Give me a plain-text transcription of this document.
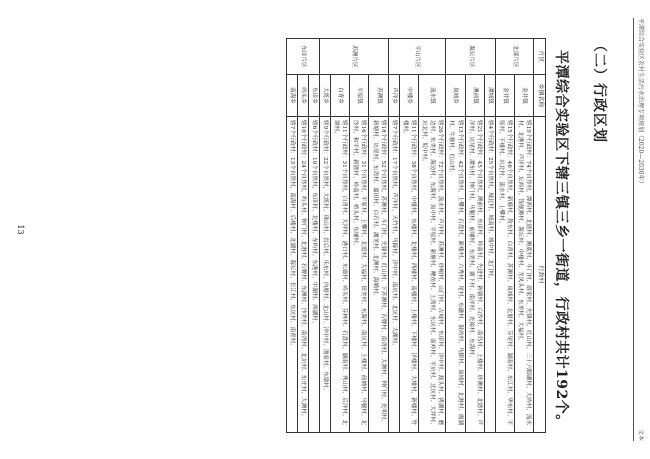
平潭综合实验区农村生活污水治理专项规划（2020—2030年）
文本
（二）行政区划
平潭综合实验区下辖三镇三乡一街道，行政村共计192个。
片区	乡镇名称	行政村
北部片区	金井镇	辖19个行政村：74个自然村，潭西村、北厝村、澳底村、斗门村、薛家村、先锋村、红山村、三十六脚湖村、大屿村、流水村、北港村、芦洋村、坛西村、钱便澳村、海坛村、中楼村、龙凤头村、东美村、大福村。
	金井镇	辖15个行政村：46个自然村，新塘村、敖东村、白青村、苏澳村、岚城村、北厝村、芬尾村、湖南村、东江村、华东村、平原村、下楼村、坑北村、流水村、上攀村。
海坛片区	潭城镇	辖4个行政村：25个自然村，城北村、城南村、城中村、北门村。
	澳前镇	辖21个行政村：45个自然村，澳前村、东庠村、岭南村、先进村、新塘村、白沙村、南岛村、上楼村、砂澳村、北厝村、芦洋村、坑尾村、潭东村、钟门村、马腿村、前埔村、东美村、塘下村、南洋村、光裕村、东海村。
	岚城乡	辖13个行政村：42个自然村，上攀村、石盘村、新楼村、六秀村、尾村、东礁村、鼓屿村、马脚村、岚城村、北港村、霞湖村、牛寨村、红山村。
平山片区	流水镇	辖26个行政村：72个自然村，流水村、芦洋村、苏澳村、砂帽村、山门村、古城村、东庠村、洋中村、磊头村、碧湖村、磨边村、东美村、海边村、东海村、岚中村、平原村、新塘村、鲤鱼村、上湾村、东坑村、南岭村、平坑村、北坑村、大坪村、坑北村、坂中村。
	中楼乡	辖11个行政村：38个自然村，中楼村、东楼村、北楼村、西楼村、南楼村、上楼村、下楼村、洋楼村、大楼村、新楼村、竹楼村。
	芦洋乡	辖7个行政村：17个自然村，芦洋村、天竹村、马蹄村、洋中村、南坑村、北坑村、大湖村。
苏澳片区	苏澳镇	辖18个行政村：52个自然村，苏澳村、斗门村、先锋村、红山村、下苏澳村、石牌村、南湾村、大澳村、钟门村、光明村、新塘村、坑尾村、东湾村、嘉田村、白石村、湖美村、北澳村、海埔村。
	平原镇	辖16个行政村：31个自然村，平原村、上攀村、北庭村、大福村、田美村、东海村、南坑村、上楼村、前埔村、马腿村、北沙村、和平村、新厝村、岭南村、桥头村、东埔村。
	白青乡	辖11个行政村：31个自然村，白青村、大坪村、港口村、东墙村、岭头村、芬林村、石盘村、湖南村、秀山村、后洋村、北墩村。
	大练乡	辖9个行政村：22个自然村，大练村、珠山村、岩后村、乐东村、内厝村、北山村、洋中村、渔家村、东墩村。
东庠片区	东庠乡	辖6个行政村：10个自然村，东庠村、北楼村、赤屿村、东港村、中湖村、西湖村。
	屿头乡	辖10个行政村：24个自然村，屿头村、钟门村、北港村、石牌村、东澳村、沙美村、南湾村、北坑村、东庄村、大澳村。
	南海乡	辖7个行政村：13个自然村，南海村、后楼村、北湖村、海坛村、长江村、东坑村、南青村。
13
